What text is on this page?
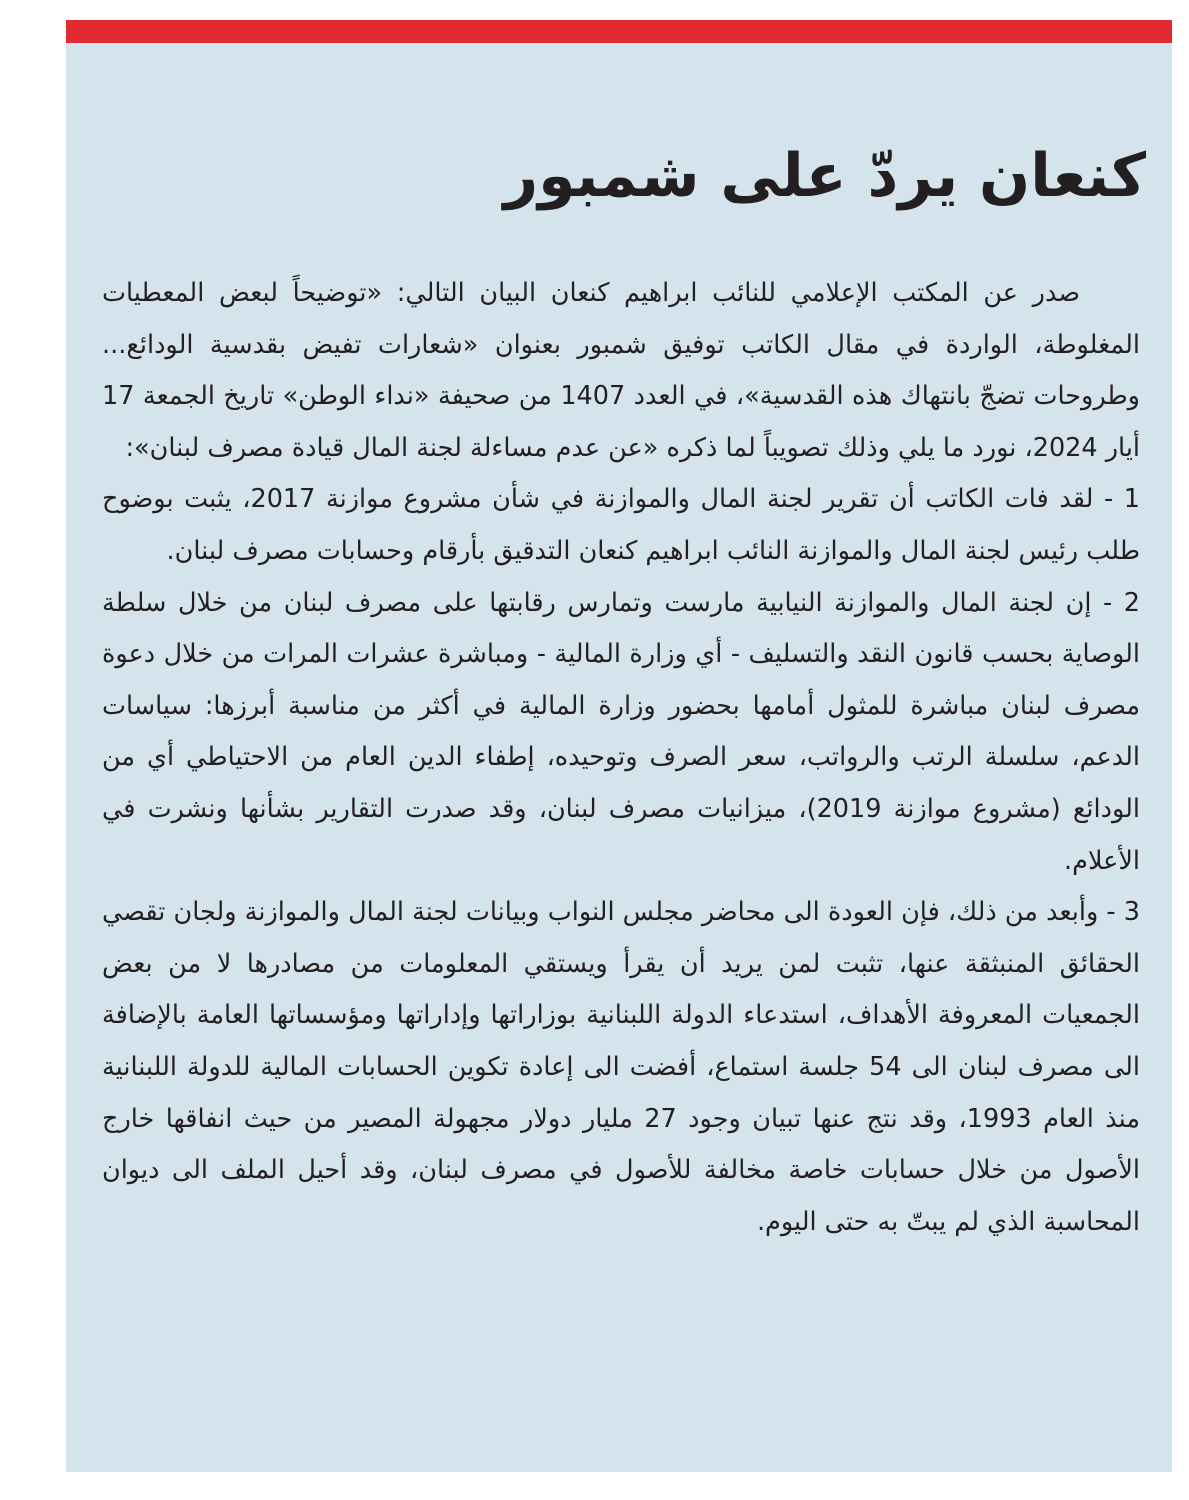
كنعان يردّ على شمبور

صدر عن المكتب الإعلامي للنائب ابراهيم كنعان البيان التالي: «توضيحاً لبعض المعطيات المغلوطة، الواردة في مقال الكاتب توفيق شمبور بعنوان «شعارات تفيض بقدسية الودائع... وطروحات تضجّ بانتهاك هذه القدسية»، في العدد 1407 من صحيفة «نداء الوطن» تاريخ الجمعة 17 أيار 2024، نورد ما يلي وذلك تصويباً لما ذكره «عن عدم مساءلة لجنة المال قيادة مصرف لبنان»:

1 - لقد فات الكاتب أن تقرير لجنة المال والموازنة في شأن مشروع موازنة 2017، يثبت بوضوح طلب رئيس لجنة المال والموازنة النائب ابراهيم كنعان التدقيق بأرقام وحسابات مصرف لبنان.

2 - إن لجنة المال والموازنة النيابية مارست وتمارس رقابتها على مصرف لبنان من خلال سلطة الوصاية بحسب قانون النقد والتسليف - أي وزارة المالية - ومباشرة عشرات المرات من خلال دعوة مصرف لبنان مباشرة للمثول أمامها بحضور وزارة المالية في أكثر من مناسبة أبرزها: سياسات الدعم، سلسلة الرتب والرواتب، سعر الصرف وتوحيده، إطفاء الدين العام من الاحتياطي أي من الودائع (مشروع موازنة 2019)، ميزانيات مصرف لبنان، وقد صدرت التقارير بشأنها ونشرت في الأعلام.

3 - وأبعد من ذلك، فإن العودة الى محاضر مجلس النواب وبيانات لجنة المال والموازنة ولجان تقصي الحقائق المنبثقة عنها، تثبت لمن يريد أن يقرأ ويستقي المعلومات من مصادرها لا من بعض الجمعيات المعروفة الأهداف، استدعاء الدولة اللبنانية بوزاراتها وإداراتها ومؤسساتها العامة بالإضافة الى مصرف لبنان الى 54 جلسة استماع، أفضت الى إعادة تكوين الحسابات المالية للدولة اللبنانية منذ العام 1993، وقد نتج عنها تبيان وجود 27 مليار دولار مجهولة المصير من حيث انفاقها خارج الأصول من خلال حسابات خاصة مخالفة للأصول في مصرف لبنان، وقد أحيل الملف الى ديوان المحاسبة الذي لم يبتّ به حتى اليوم.
